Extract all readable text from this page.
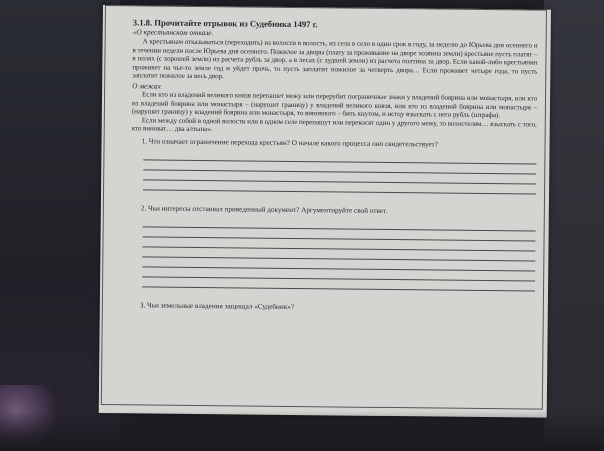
3.1.8. Прочитайте отрывок из Судебника 1497 г.

«О крестьянском отказе.

А крестьянам отказываться (переходить) из волости в волость, из села в село в один срок в году, за неделю до Юрьева дня осеннего и в течении недели после Юрьева дня осеннего. Пожилое за дворы (плату за проживание на дворе хозяина земли) крестьяне пусть платят – в полях (с хорошей земли) из расчета рубль за двор, а в лесах (с худшей земли) из расчета полтина за двор. Если какой-либо крестьянин проживет на чье-то земле год и уйдет прочь, то пусть заплатит пожилое за четверть двора… Если проживет четыре года, то пусть заплатит пожилое за весь двор.

О межах

Если кто из владений великого князя перепашет межу или перерубит пограничные знаки у владений боярина или монастыря, или кто из владений боярина или монастыря – (нарушит границу) у владений великого князя, или кто из владений боярина или монастыря – (нарушит границу) у владений боярина или монастыря, то виновного – бить кнутом, и истцу взыскать с него рубль (штрафа).

Если между собой в одной волости или в одном селе перепашут или перекосят один у другого межу, то волостелям… взыскать с того, кто виноват… два алтына».

1. Что означает ограничение перехода крестьян? О начале какого процесса оно свидетельствует?

2. Чьи интересы отстаивал приведенный документ? Аргументируйте свой ответ.

3. Чьи земельные владения защищал «Судебник»?
